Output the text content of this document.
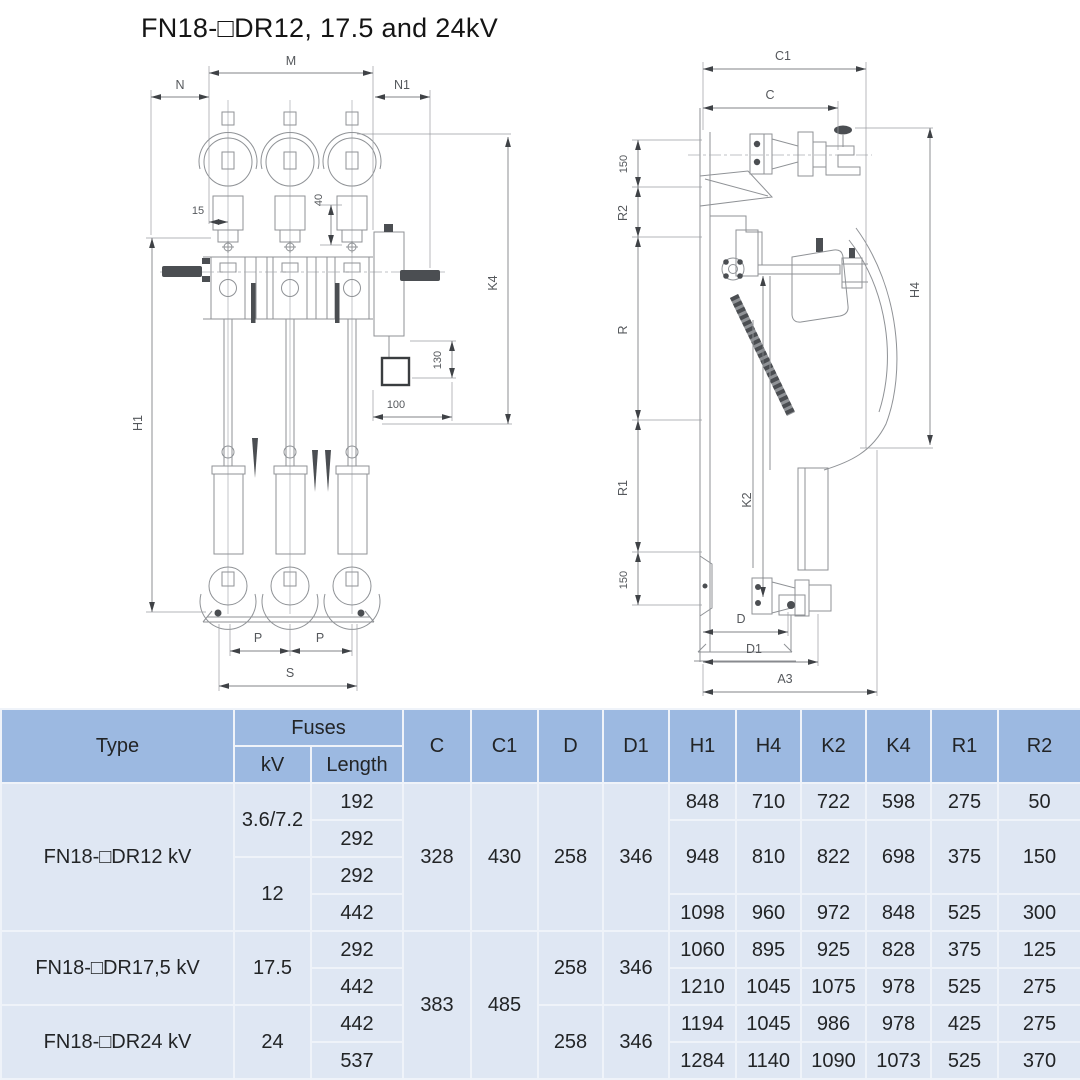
FN18-□DR12, 17.5 and 24kV
M
N	N1
15
40
K4
H1
130
100
P	P
S
C1
C
150
R2
R
H4
K2
R1
150
D
D1
A3
Type	Fuses		C	C1	D	D1	H1	H4	K2	K4	R1	R2
	kV	Length										
FN18-□DR12 kV	3.6/7.2	192	328	430	258	346	848	710	722	598	275	50
		292					948	810	822	698	375	150
	12	292										
		442					1098	960	972	848	525	300
FN18-□DR17,5 kV	17.5	292	383	485	258	346	1060	895	925	828	375	125
		442					1210	1045	1075	978	525	275
FN18-□DR24 kV	24	442			258	346	1194	1045	986	978	425	275
		537					1284	1140	1090	1073	525	370
